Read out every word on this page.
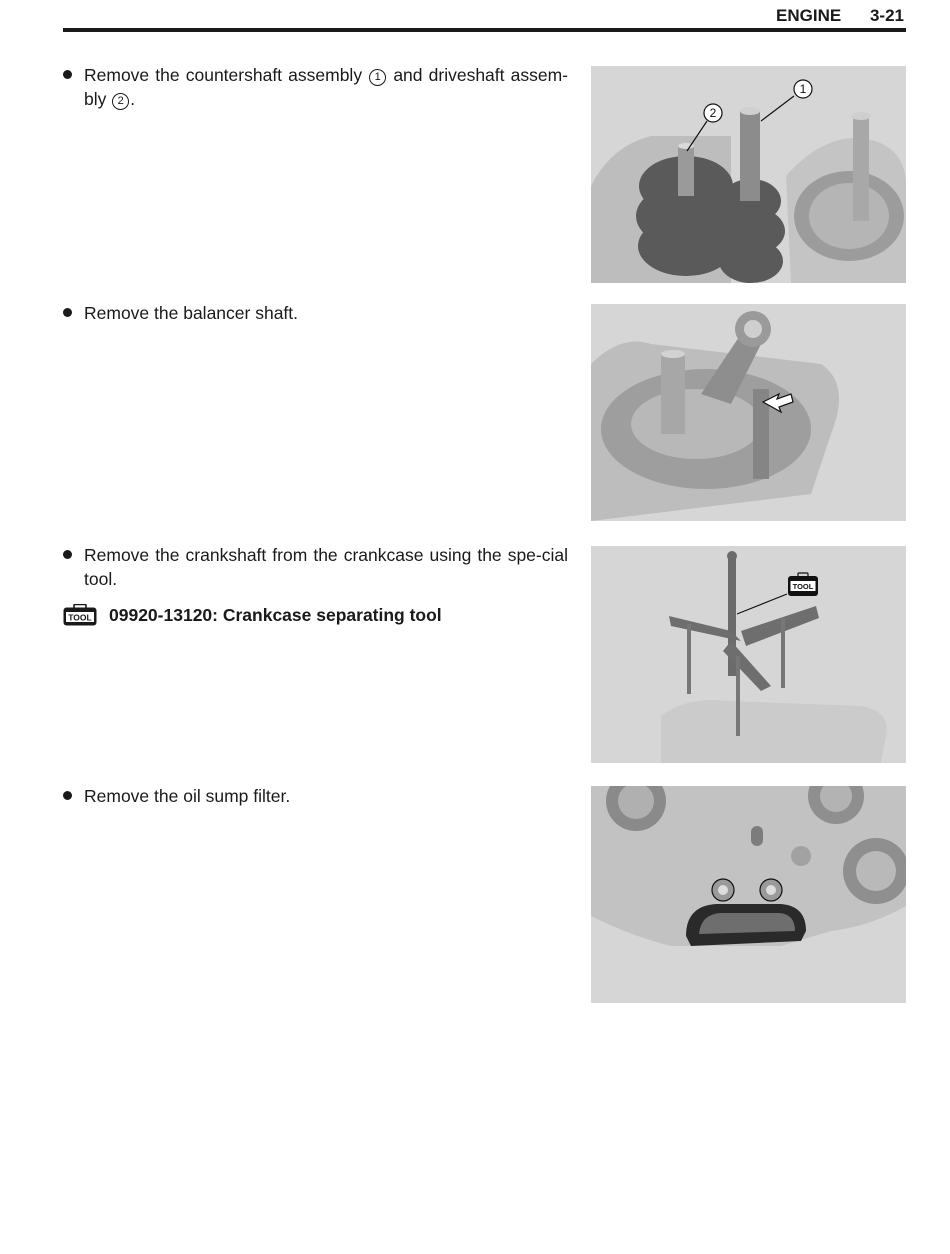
ENGINE 3-21
Remove the countershaft assembly 1 and driveshaft assem-bly 2 .
Remove the balancer shaft.
Remove the crankshaft from the crankcase using the spe-cial tool.
TOOL 09920-13120: Crankcase separating tool
Remove the oil sump filter.
1
2
TOOL
